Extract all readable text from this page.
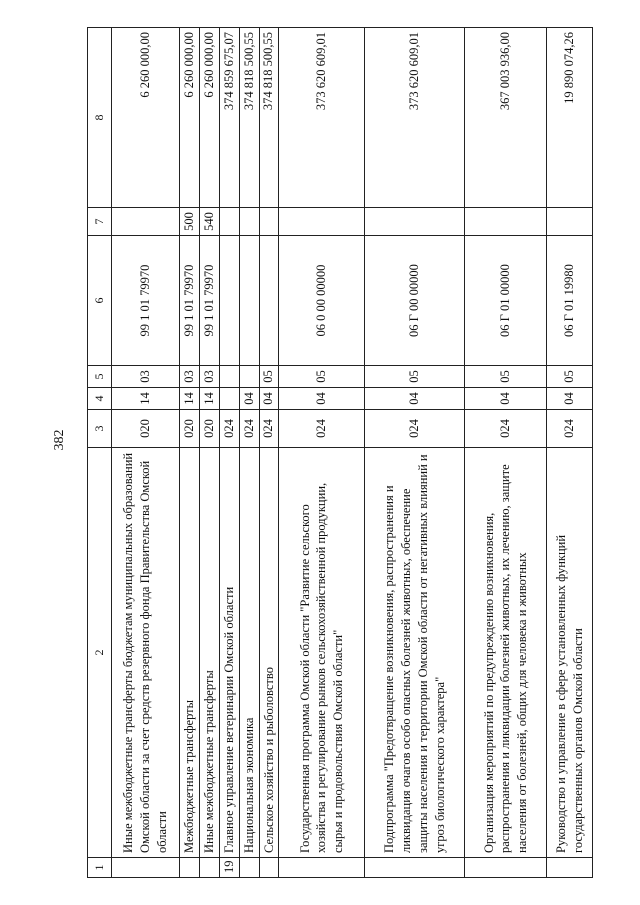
382
1	2	3	4	5	6	7	8
	Иные межбюджетные трансферты бюджетам муниципальных образований Омской области за счет средств резервного фонда Правительства Омской области	020	14	03	99 1 01 79970		6 260 000,00
	Межбюджетные трансферты	020	14	03	99 1 01 79970	500	6 260 000,00
	Иные межбюджетные трансферты	020	14	03	99 1 01 79970	540	6 260 000,00
19	Главное управление ветеринарии Омской области	024					374 859 675,07
	Национальная экономика	024	04				374 818 500,55
	Сельское хозяйство и рыболовство	024	04	05			374 818 500,55
	Государственная программа Омской области "Развитие сельского хозяйства и регулирование рынков сельскохозяйственной продукции, сырья и продовольствия Омской области"	024	04	05	06 0 00 00000		373 620 609,01
	Подпрограмма "Предотвращение возникновения, распространения и ликвидация очагов особо опасных болезней животных, обеспечение защиты населения и территории Омской области от негативных влияний и угроз биологического характера"	024	04	05	06 Г 00 00000		373 620 609,01
	Организация мероприятий по предупреждению возникновения, распространения и ликвидации болезней животных, их лечению, защите населения от болезней, общих для человека и животных	024	04	05	06 Г 01 00000		367 003 936,00
	Руководство и управление в сфере установленных функций государственных органов Омской области	024	04	05	06 Г 01 19980		19 890 074,26
